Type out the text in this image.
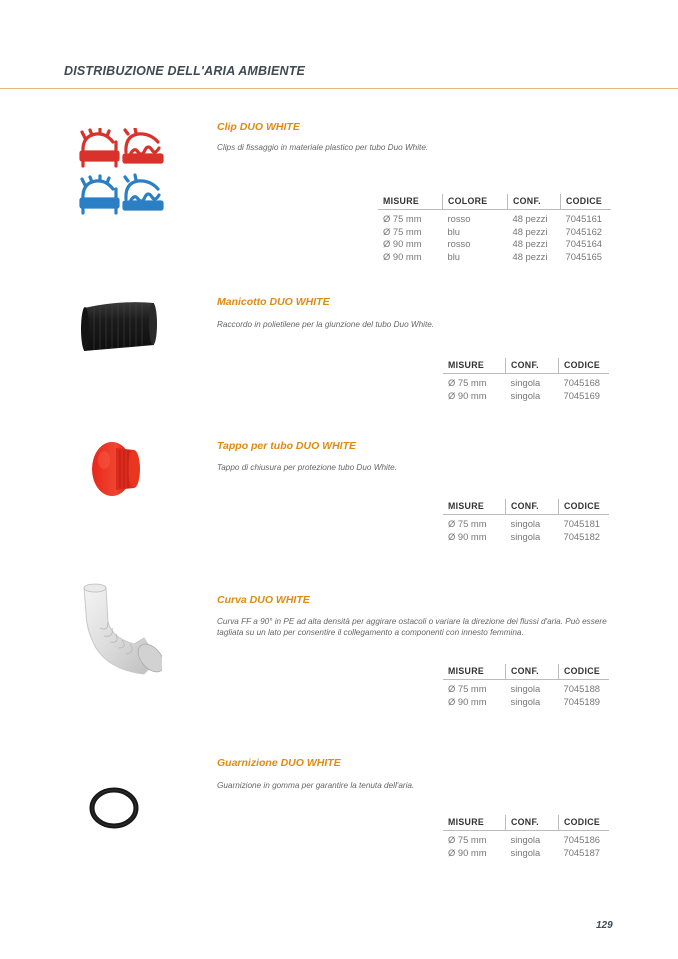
DISTRIBUZIONE DELL'ARIA AMBIENTE
Clip DUO WHITE
Clips di fissaggio in materiale plastico per tubo Duo White.
MISURE	COLORE	CONF.	CODICE
Ø 75 mm	rosso	48 pezzi	7045161
Ø 75 mm	blu	48 pezzi	7045162
Ø 90 mm	rosso	48 pezzi	7045164
Ø 90 mm	blu	48 pezzi	7045165
Manicotto DUO WHITE
Raccordo in polietilene per la giunzione del tubo Duo White.
MISURE	CONF.	CODICE
Ø 75 mm	singola	7045168
Ø 90 mm	singola	7045169
Tappo per tubo DUO WHITE
Tappo di chiusura per protezione tubo Duo White.
MISURE	CONF.	CODICE
Ø 75 mm	singola	7045181
Ø 90 mm	singola	7045182
Curva DUO WHITE
Curva FF a 90° in PE ad alta densità per aggirare ostacoli o variare la direzione dei flussi d'aria. Può essere tagliata su un lato per consentire il collegamento a componenti con innesto femmina.
MISURE	CONF.	CODICE
Ø 75 mm	singola	7045188
Ø 90 mm	singola	7045189
Guarnizione DUO WHITE
Guarnizione in gomma per garantire la tenuta dell'aria.
MISURE	CONF.	CODICE
Ø 75 mm	singola	7045186
Ø 90 mm	singola	7045187
129
